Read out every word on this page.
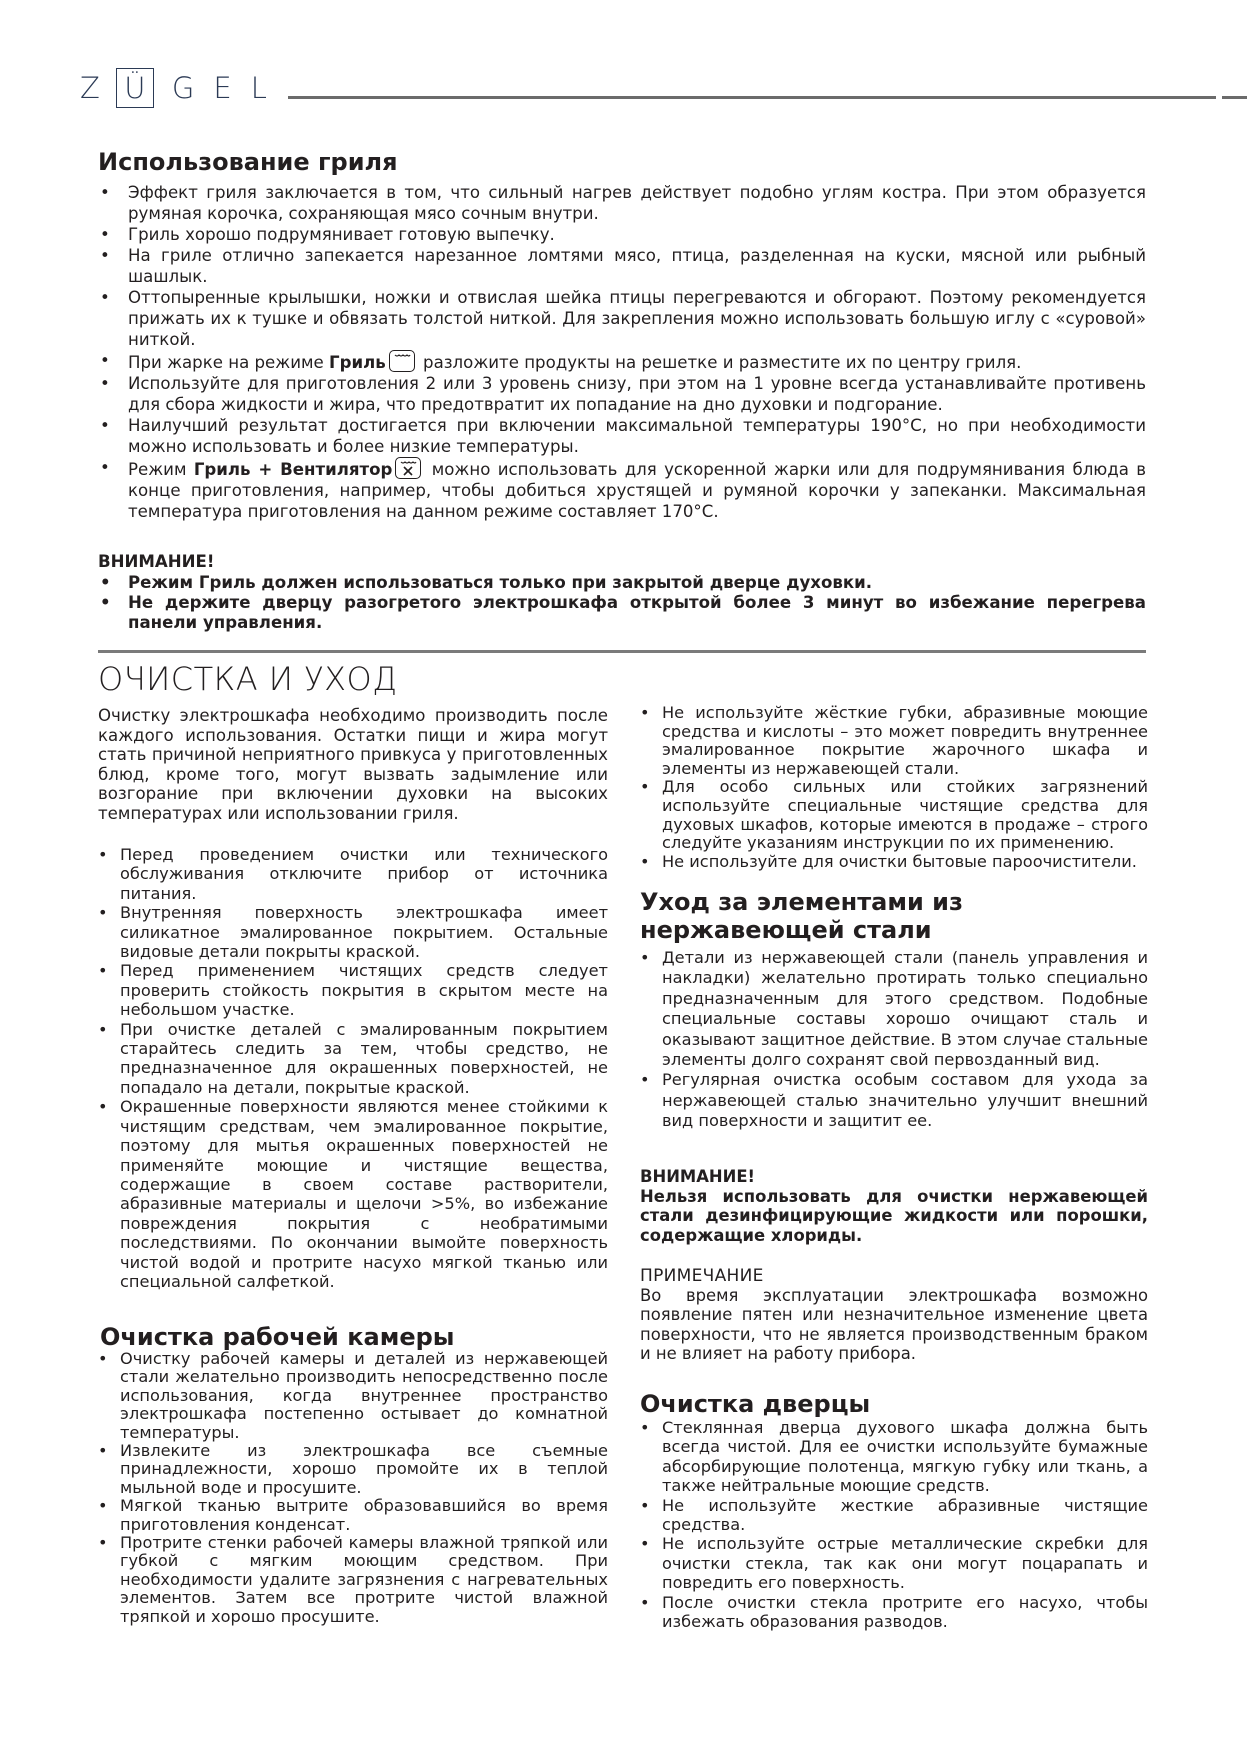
Z Ü G E L
Использование гриля
• Эффект гриля заключается в том, что сильный нагрев действует подобно углям костра. При этом образуется румяная корочка, сохраняющая мясо сочным внутри.
• Гриль хорошо подрумянивает готовую выпечку.
• На гриле отлично запекается нарезанное ломтями мясо, птица, разделенная на куски, мясной или рыбный шашлык.
• Оттопыренные крылышки, ножки и отвислая шейка птицы перегреваются и обгорают. Поэтому рекомендуется прижать их к тушке и обвязать толстой ниткой. Для закрепления можно использовать большую иглу с «суровой» ниткой.
• При жарке на режиме Гриль разложите продукты на решетке и разместите их по центру гриля.
• Используйте для приготовления 2 или 3 уровень снизу, при этом на 1 уровне всегда устанавливайте противень для сбора жидкости и жира, что предотвратит их попадание на дно духовки и подгорание.
• Наилучший результат достигается при включении максимальной температуры 190°С, но при необходимости можно использовать и более низкие температуры.
• Режим Гриль + Вентилятор можно использовать для ускоренной жарки или для подрумянивания блюда в конце приготовления, например, чтобы добиться хрустящей и румяной корочки у запеканки. Максимальная температура приготовления на данном режиме составляет 170°С.
ВНИМАНИЕ!
• Режим Гриль должен использоваться только при закрытой дверце духовки.
• Не держите дверцу разогретого электрошкафа открытой более 3 минут во избежание перегрева панели управления.
ОЧИСТКА И УХОД
Очистку электрошкафа необходимо производить после каждого использования. Остатки пищи и жира могут стать причиной неприятного привкуса у приготовленных блюд, кроме того, могут вызвать задымление или возгорание при включении духовки на высоких температурах или использовании гриля.
• Перед проведением очистки или технического обслуживания отключите прибор от источника питания.
• Внутренняя поверхность электрошкафа имеет силикатное эмалированное покрытием. Остальные видовые детали покрыты краской.
• Перед применением чистящих средств следует проверить стойкость покрытия в скрытом месте на небольшом участке.
• При очистке деталей с эмалированным покрытием старайтесь следить за тем, чтобы средство, не предназначенное для окрашенных поверхностей, не попадало на детали, покрытые краской.
• Окрашенные поверхности являются менее стойкими к чистящим средствам, чем эмалированное покрытие, поэтому для мытья окрашенных поверхностей не применяйте моющие и чистящие вещества, содержащие в своем составе растворители, абразивные материалы и щелочи >5%, во избежание повреждения покрытия с необратимыми последствиями. По окончании вымойте поверхность чистой водой и протрите насухо мягкой тканью или специальной салфеткой.
Очистка рабочей камеры
• Очистку рабочей камеры и деталей из нержавеющей стали желательно производить непосредственно после использования, когда внутреннее пространство электрошкафа постепенно остывает до комнатной температуры.
• Извлеките из электрошкафа все съемные принадлежности, хорошо промойте их в теплой мыльной воде и просушите.
• Мягкой тканью вытрите образовавшийся во время приготовления конденсат.
• Протрите стенки рабочей камеры влажной тряпкой или губкой с мягким моющим средством. При необходимости удалите загрязнения с нагревательных элементов. Затем все протрите чистой влажной тряпкой и хорошо просушите.
• Не используйте жёсткие губки, абразивные моющие средства и кислоты – это может повредить внутреннее эмалированное покрытие жарочного шкафа и элементы из нержавеющей стали.
• Для особо сильных или стойких загрязнений используйте специальные чистящие средства для духовых шкафов, которые имеются в продаже – строго следуйте указаниям инструкции по их применению.
• Не используйте для очистки бытовые пароочистители.
Уход за элементами из нержавеющей стали
• Детали из нержавеющей стали (панель управления и накладки) желательно протирать только специально предназначенным для этого средством. Подобные специальные составы хорошо очищают сталь и оказывают защитное действие. В этом случае стальные элементы долго сохранят свой первозданный вид.
• Регулярная очистка особым составом для ухода за нержавеющей сталью значительно улучшит внешний вид поверхности и защитит ее.
ВНИМАНИЕ!
Нельзя использовать для очистки нержавеющей стали дезинфицирующие жидкости или порошки, содержащие хлориды.
ПРИМЕЧАНИЕ
Во время эксплуатации электрошкафа возможно появление пятен или незначительное изменение цвета поверхности, что не является производственным браком и не влияет на работу прибора.
Очистка дверцы
• Стеклянная дверца духового шкафа должна быть всегда чистой. Для ее очистки используйте бумажные абсорбирующие полотенца, мягкую губку или ткань, а также нейтральные моющие средств.
• Не используйте жесткие абразивные чистящие средства.
• Не используйте острые металлические скребки для очистки стекла, так как они могут поцарапать и повредить его поверхность.
• После очистки стекла протрите его насухо, чтобы избежать образования разводов.
